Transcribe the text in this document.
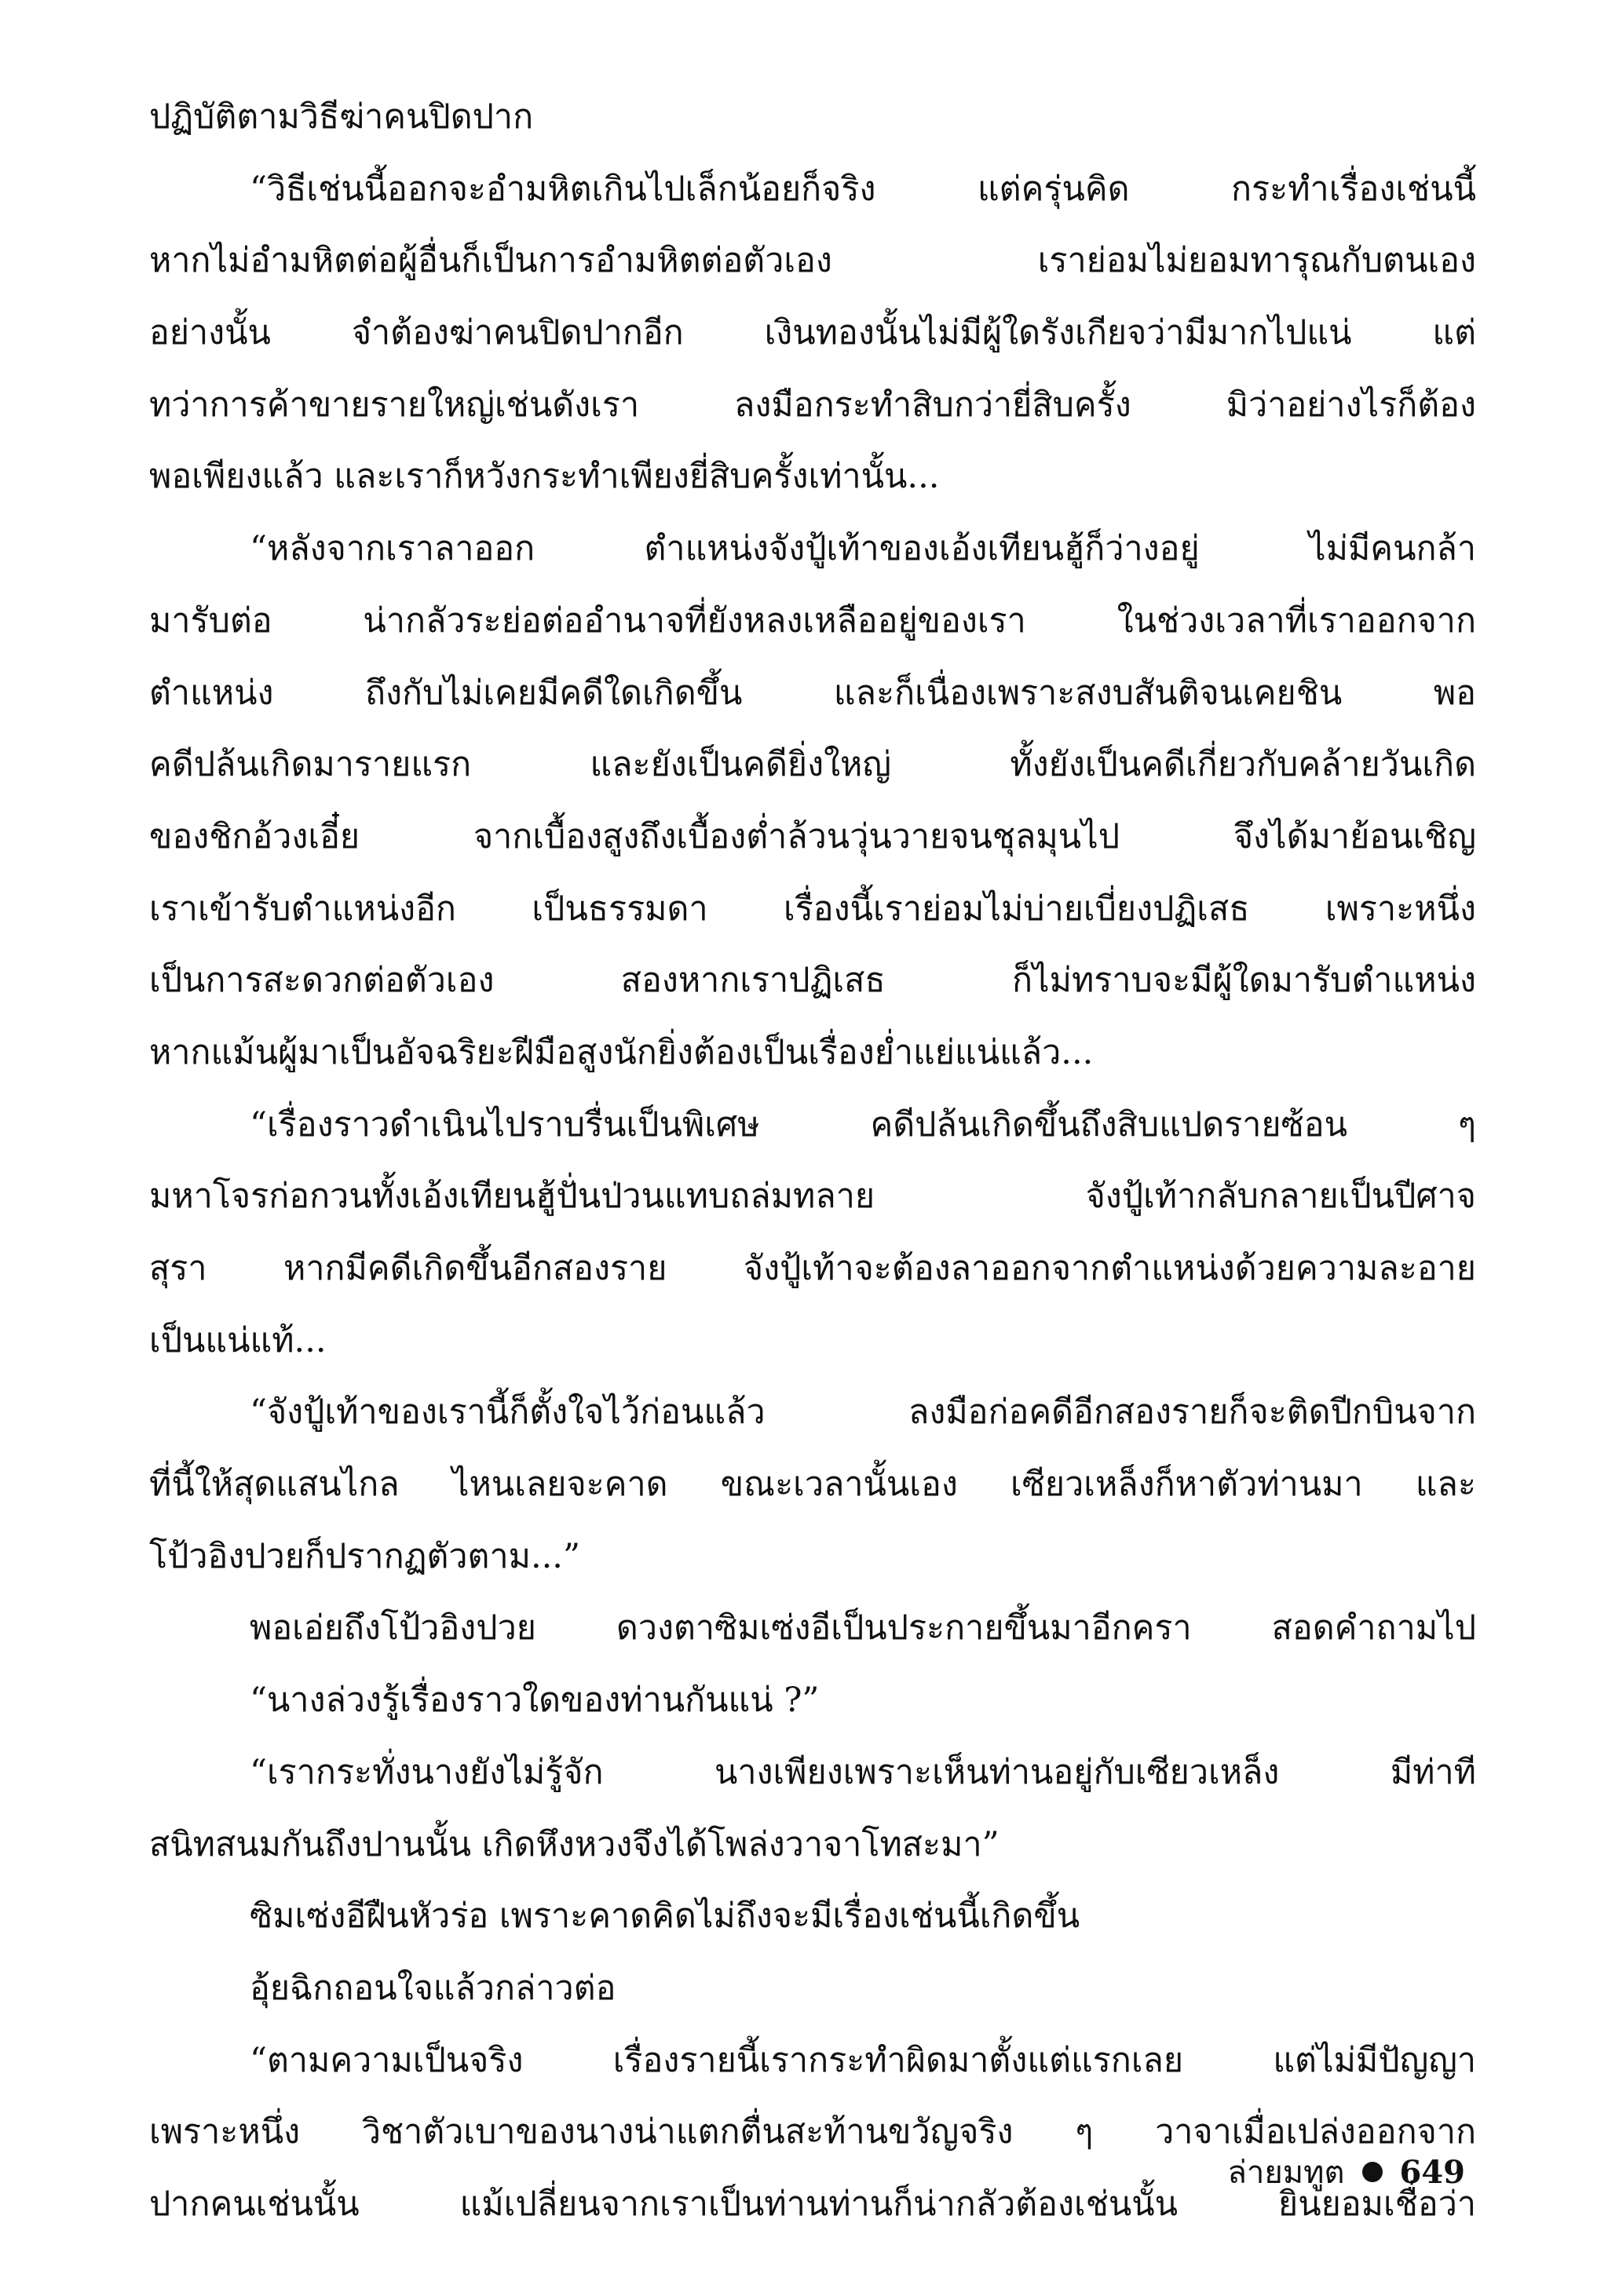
ปฏิบัติตามวิธีฆ่าคนปิดปาก
“วิธีเช่นนี้ออกจะอำมหิตเกินไปเล็กน้อยก็จริง แต่ครุ่นคิด กระทำเรื่องเช่นนี้
หากไม่อำมหิตต่อผู้อื่นก็เป็นการอำมหิตต่อตัวเอง เราย่อมไม่ยอมทารุณกับตนเอง
อย่างนั้น จำต้องฆ่าคนปิดปากอีก เงินทองนั้นไม่มีผู้ใดรังเกียจว่ามีมากไปแน่ แต่
ทว่าการค้าขายรายใหญ่เช่นดังเรา ลงมือกระทำสิบกว่ายี่สิบครั้ง มิว่าอย่างไรก็ต้อง
พอเพียงแล้ว และเราก็หวังกระทำเพียงยี่สิบครั้งเท่านั้น...
“หลังจากเราลาออก ตำแหน่งจังปู้เท้าของเอ้งเทียนฮู้ก็ว่างอยู่ ไม่มีคนกล้า
มารับต่อ น่ากลัวระย่อต่ออำนาจที่ยังหลงเหลืออยู่ของเรา ในช่วงเวลาที่เราออกจาก
ตำแหน่ง ถึงกับไม่เคยมีคดีใดเกิดขึ้น และก็เนื่องเพราะสงบสันติจนเคยชิน พอ
คดีปล้นเกิดมารายแรก และยังเป็นคดียิ่งใหญ่ ทั้งยังเป็นคดีเกี่ยวกับคล้ายวันเกิด
ของชิกอ้วงเอี๋ย จากเบื้องสูงถึงเบื้องต่ำล้วนวุ่นวายจนชุลมุนไป จึงได้มาย้อนเชิญ
เราเข้ารับตำแหน่งอีก เป็นธรรมดา เรื่องนี้เราย่อมไม่บ่ายเบี่ยงปฏิเสธ เพราะหนึ่ง
เป็นการสะดวกต่อตัวเอง สองหากเราปฏิเสธ ก็ไม่ทราบจะมีผู้ใดมารับตำแหน่ง
หากแม้นผู้มาเป็นอัจฉริยะฝีมือสูงนักยิ่งต้องเป็นเรื่องย่ำแย่แน่แล้ว...
“เรื่องราวดำเนินไปราบรื่นเป็นพิเศษ คดีปล้นเกิดขึ้นถึงสิบแปดรายซ้อน ๆ
มหาโจรก่อกวนทั้งเอ้งเทียนฮู้ปั่นป่วนแทบถล่มทลาย จังปู้เท้ากลับกลายเป็นปีศาจ
สุรา หากมีคดีเกิดขึ้นอีกสองราย จังปู้เท้าจะต้องลาออกจากตำแหน่งด้วยความละอาย
เป็นแน่แท้...
“จังปู้เท้าของเรานี้ก็ตั้งใจไว้ก่อนแล้ว ลงมือก่อคดีอีกสองรายก็จะติดปีกบินจาก
ที่นี้ให้สุดแสนไกล ไหนเลยจะคาด ขณะเวลานั้นเอง เซียวเหล็งก็หาตัวท่านมา และ
โป้วอิงปวยก็ปรากฏตัวตาม...”
พอเอ่ยถึงโป้วอิงปวย ดวงตาซิมเซ่งอีเป็นประกายขึ้นมาอีกครา สอดคำถามไป
“นางล่วงรู้เรื่องราวใดของท่านกันแน่ ?”
“เรากระทั่งนางยังไม่รู้จัก นางเพียงเพราะเห็นท่านอยู่กับเซียวเหล็ง มีท่าที
สนิทสนมกันถึงปานนั้น เกิดหึงหวงจึงได้โพล่งวาจาโทสะมา”
ซิมเซ่งอีฝืนหัวร่อ เพราะคาดคิดไม่ถึงจะมีเรื่องเช่นนี้เกิดขึ้น
อุ้ยฉิกถอนใจแล้วกล่าวต่อ
“ตามความเป็นจริง เรื่องรายนี้เรากระทำผิดมาตั้งแต่แรกเลย แต่ไม่มีปัญญา
เพราะหนึ่ง วิชาตัวเบาของนางน่าแตกตื่นสะท้านขวัญจริง ๆ วาจาเมื่อเปล่งออกจาก
ปากคนเช่นนั้น แม้เปลี่ยนจากเราเป็นท่านท่านก็น่ากลัวต้องเช่นนั้น ยินยอมเชื่อว่า
ล่ายมทูต 649
